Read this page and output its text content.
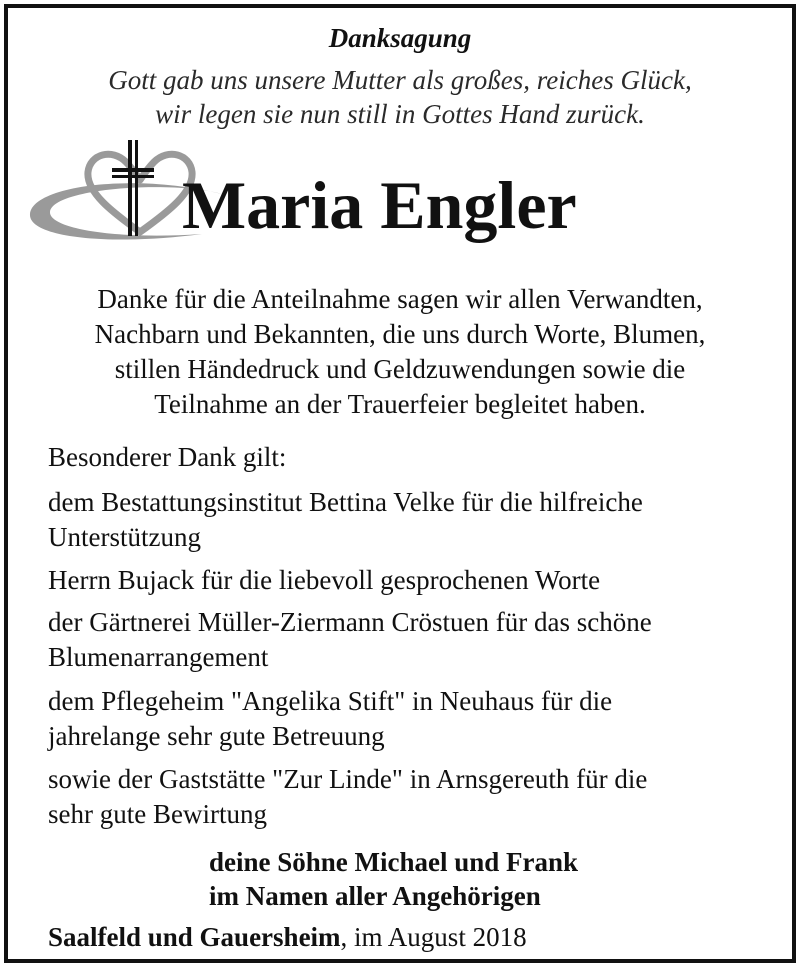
Danksagung
Gott gab uns unsere Mutter als großes, reiches Glück,
wir legen sie nun still in Gottes Hand zurück.
Maria Engler
Danke für die Anteilnahme sagen wir allen Verwandten,
Nachbarn und Bekannten, die uns durch Worte, Blumen,
stillen Händedruck und Geldzuwendungen sowie die
Teilnahme an der Trauerfeier begleitet haben.
Besonderer Dank gilt:
dem Bestattungsinstitut Bettina Velke für die hilfreiche
Unterstützung
Herrn Bujack für die liebevoll gesprochenen Worte
der Gärtnerei Müller-Ziermann Cröstuen für das schöne
Blumenarrangement
dem Pflegeheim "Angelika Stift" in Neuhaus für die
jahrelange sehr gute Betreuung
sowie der Gaststätte "Zur Linde" in Arnsgereuth für die
sehr gute Bewirtung
deine Söhne Michael und Frank
im Namen aller Angehörigen
Saalfeld und Gauersheim, im August 2018
